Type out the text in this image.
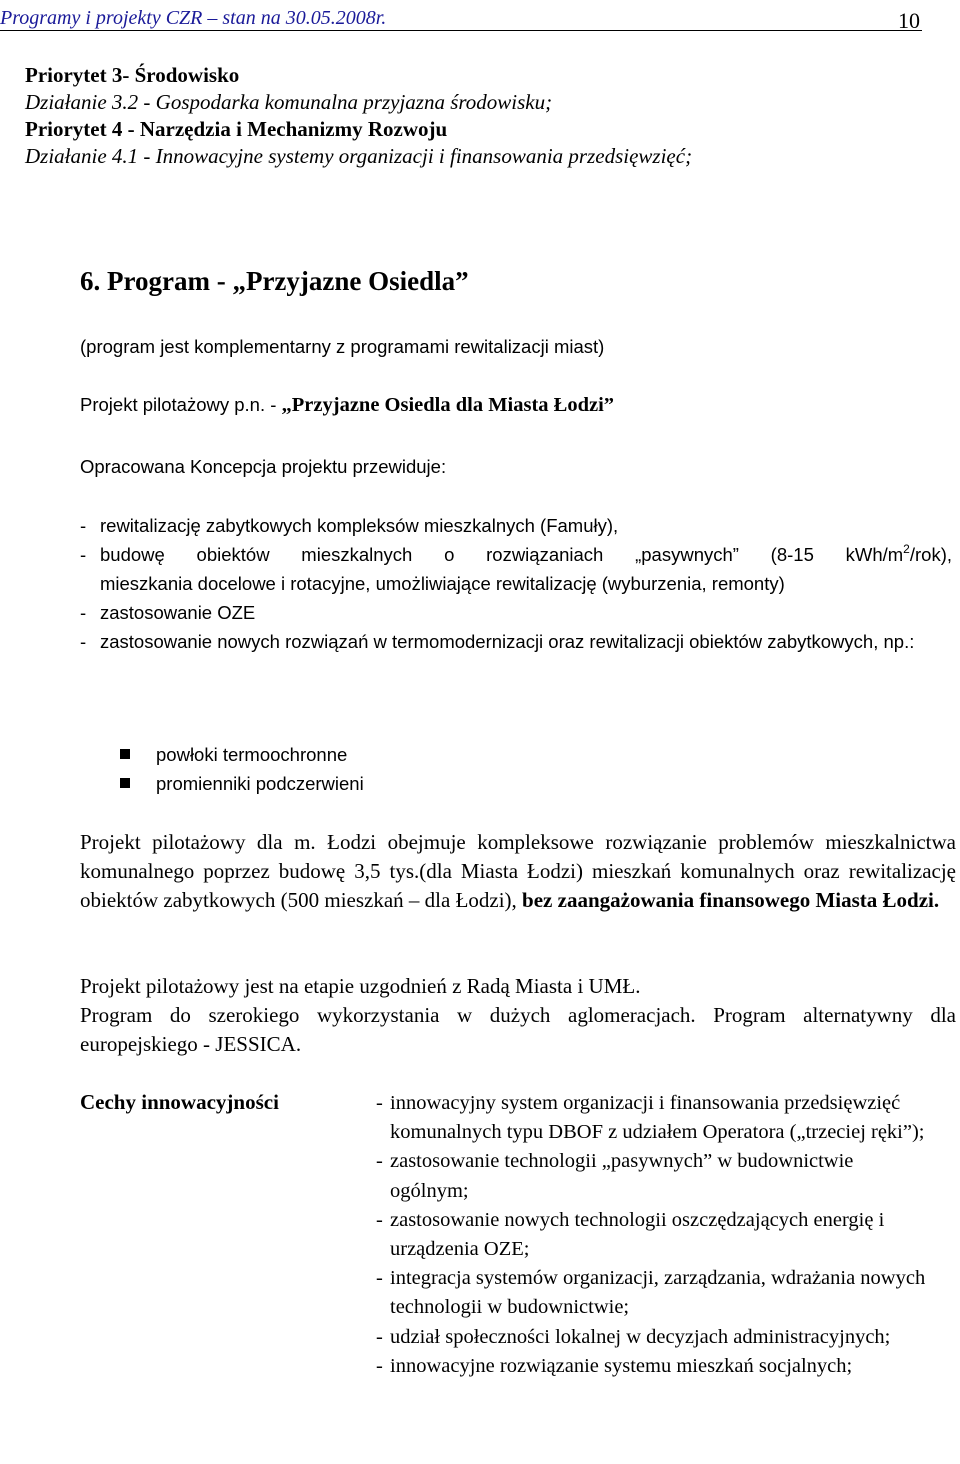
Programy i projekty CZR – stan na 30.05.2008r.	10
Priorytet 3- Środowisko
Działanie 3.2 - Gospodarka komunalna przyjazna środowisku;
Priorytet 4 - Narzędzia i Mechanizmy Rozwoju
Działanie 4.1 - Innowacyjne systemy organizacji i finansowania przedsięwzięć;
6. Program - „Przyjazne Osiedla”
(program jest komplementarny z programami rewitalizacji miast)
Projekt pilotażowy p.n. - „Przyjazne Osiedla dla Miasta Łodzi”
Opracowana Koncepcja projektu przewiduje:
- rewitalizację zabytkowych kompleksów mieszkalnych (Famuły),
- budowę obiektów mieszkalnych o rozwiązaniach „pasywnych” (8-15 kWh/$m^2/rok$),
mieszkania docelowe i rotacyjne, umożliwiające rewitalizację (wyburzenia, remonty)
- zastosowanie OZE
- zastosowanie nowych rozwiązań w termomodernizacji oraz rewitalizacji obiektów zabytkowych, np.:
powłoki termoochronne
promienniki podczerwieni
Projekt pilotażowy dla m. Łodzi obejmuje kompleksowe rozwiązanie problemów mieszkalnictwa komunalnego poprzez budowę 3,5 tys.(dla Miasta Łodzi) mieszkań komunalnych oraz rewitalizację obiektów zabytkowych (500 mieszkań – dla Łodzi), bez zaangażowania finansowego Miasta Łodzi.
Projekt pilotażowy jest na etapie uzgodnień z Radą Miasta i UMŁ.
Program do szerokiego wykorzystania w dużych aglomeracjach. Program alternatywny dla europejskiego - JESSICA.
Cechy innowacyjności
-	innowacyjny system organizacji i finansowania przedsięwzięć komunalnych typu DBOF z udziałem Operatora („trzeciej ręki”);
- zastosowanie technologii „pasywnych” w budownictwie ogólnym;
- zastosowanie nowych technologii oszczędzających energię i urządzenia OZE;
- integracja systemów organizacji, zarządzania, wdrażania nowych technologii w budownictwie;
- udział społeczności lokalnej w decyzjach administracyjnych;
- innowacyjne rozwiązanie systemu mieszkań socjalnych;
